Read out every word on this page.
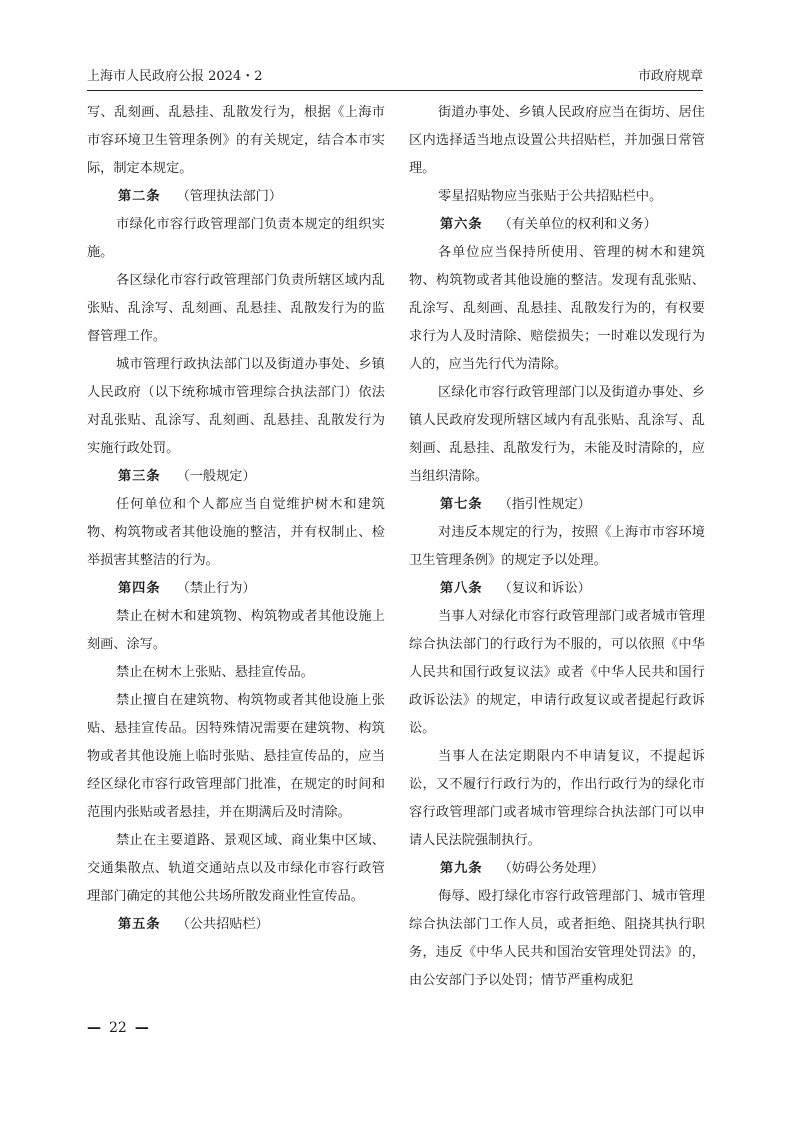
上海市人民政府公报 2024・2	市政府规章

写、乱刻画、乱悬挂、乱散发行为，根据《上海市市容环境卫生管理条例》的有关规定，结合本市实际，制定本规定。

第二条 （管理执法部门）

市绿化市容行政管理部门负责本规定的组织实施。

各区绿化市容行政管理部门负责所辖区域内乱张贴、乱涂写、乱刻画、乱悬挂、乱散发行为的监督管理工作。

城市管理行政执法部门以及街道办事处、乡镇人民政府（以下统称城市管理综合执法部门）依法对乱张贴、乱涂写、乱刻画、乱悬挂、乱散发行为实施行政处罚。

第三条 （一般规定）

任何单位和个人都应当自觉维护树木和建筑物、构筑物或者其他设施的整洁，并有权制止、检举损害其整洁的行为。

第四条 （禁止行为）

禁止在树木和建筑物、构筑物或者其他设施上刻画、涂写。

禁止在树木上张贴、悬挂宣传品。

禁止擅自在建筑物、构筑物或者其他设施上张贴、悬挂宣传品。因特殊情况需要在建筑物、构筑物或者其他设施上临时张贴、悬挂宣传品的，应当经区绿化市容行政管理部门批准，在规定的时间和范围内张贴或者悬挂，并在期满后及时清除。

禁止在主要道路、景观区域、商业集中区域、交通集散点、轨道交通站点以及市绿化市容行政管理部门确定的其他公共场所散发商业性宣传品。

第五条 （公共招贴栏）

街道办事处、乡镇人民政府应当在街坊、居住区内选择适当地点设置公共招贴栏，并加强日常管理。

零星招贴物应当张贴于公共招贴栏中。

第六条 （有关单位的权利和义务）

各单位应当保持所使用、管理的树木和建筑物、构筑物或者其他设施的整洁。发现有乱张贴、乱涂写、乱刻画、乱悬挂、乱散发行为的，有权要求行为人及时清除、赔偿损失；一时难以发现行为人的，应当先行代为清除。

区绿化市容行政管理部门以及街道办事处、乡镇人民政府发现所辖区域内有乱张贴、乱涂写、乱刻画、乱悬挂、乱散发行为，未能及时清除的，应当组织清除。

第七条 （指引性规定）

对违反本规定的行为，按照《上海市市容环境卫生管理条例》的规定予以处理。

第八条 （复议和诉讼）

当事人对绿化市容行政管理部门或者城市管理综合执法部门的行政行为不服的，可以依照《中华人民共和国行政复议法》或者《中华人民共和国行政诉讼法》的规定，申请行政复议或者提起行政诉讼。

当事人在法定期限内不申请复议，不提起诉讼，又不履行行政行为的，作出行政行为的绿化市容行政管理部门或者城市管理综合执法部门可以申请人民法院强制执行。

第九条 （妨碍公务处理）

侮辱、殴打绿化市容行政管理部门、城市管理综合执法部门工作人员，或者拒绝、阻挠其执行职务，违反《中华人民共和国治安管理处罚法》的，由公安部门予以处罚；情节严重构成犯

— 22 —
